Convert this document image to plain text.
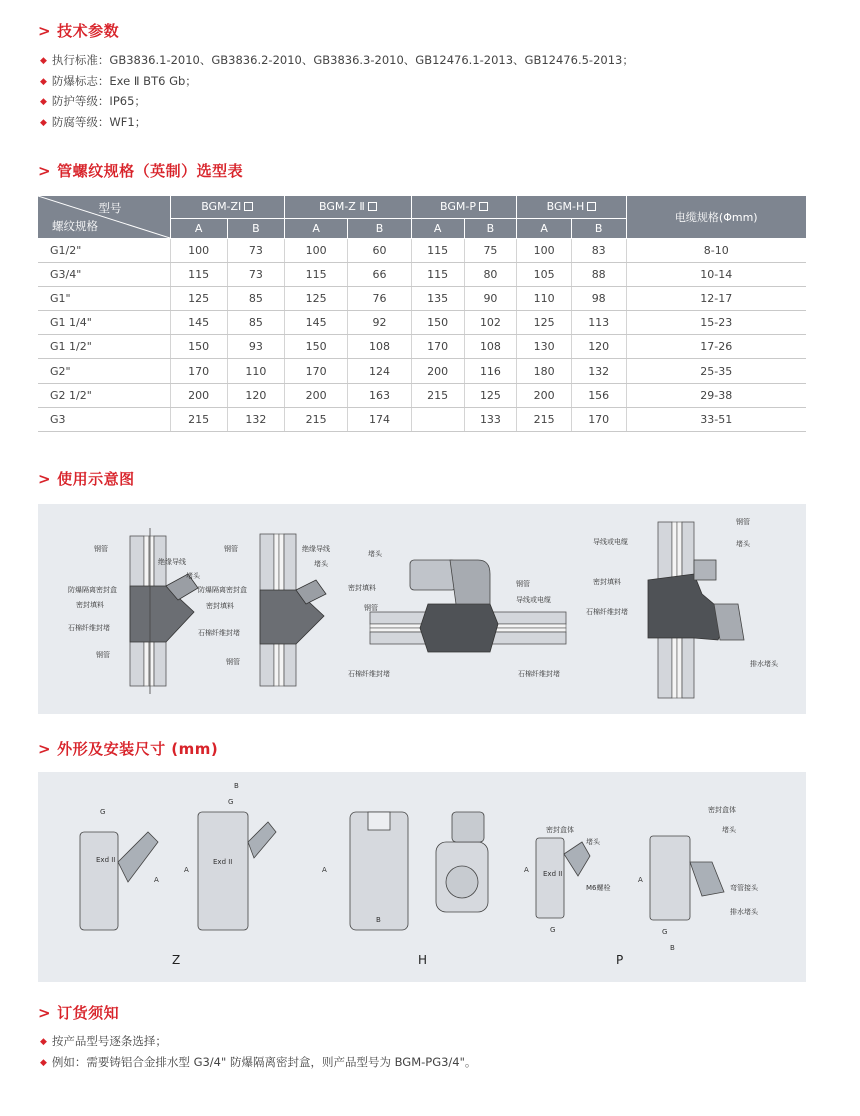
> 技术参数
◆ 执行标准：GB3836.1-2010、GB3836.2-2010、GB3836.3-2010、GB12476.1-2013、GB12476.5-2013；
◆ 防爆标志：Exe Ⅱ BT6 Gb；
◆ 防护等级：IP65；
◆ 防腐等级：WF1；
> 管螺纹规格（英制）选型表
型号
螺纹规格	BGM-ZⅠ		BGM-Z Ⅱ		BGM-P		BGM-H		电缆规格(Φmm)
	A	B	A	B	A	B	A	B	
G1/2"	100	73	100	60	115	75	100	83	8-10
G3/4"	115	73	115	66	115	80	105	88	10-14
G1"	125	85	125	76	135	90	110	98	12-17
G1 1/4"	145	85	145	92	150	102	125	113	15-23
G1 1/2"	150	93	150	108	170	108	130	120	17-26
G2"	170	110	170	124	200	116	180	132	25-35
G2 1/2"	200	120	200	163	215	125	200	156	29-38
G3	215	132	215	174		133	215	170	33-51
> 使用示意图
钢管
绝缘导线
堵头
防爆隔离密封盒
密封填料
石棉纤维封堵
钢管
钢管	绝缘导线
堵头
防爆隔离密封盒
密封填料
石棉纤维封堵
钢管
堵头
密封填料
钢管
钢管
导线或电缆
石棉纤维封堵	石棉纤维封堵
导线或电缆
钢管
堵头
密封填料
石棉纤维封堵
排水堵头
> 外形及安装尺寸 (mm)
Exd II
G
A
Exd II
B
G
A
Z
A
B
H
Exd II
A
G
密封盒体
堵头
M6螺栓
A
B
G
密封盒体
堵头
弯管接头
排水堵头
P
> 订货须知
◆ 按产品型号逐条选择；
◆ 例如：需要铸铝合金排水型 G3/4" 防爆隔离密封盒，则产品型号为 BGM-PG3/4"。
